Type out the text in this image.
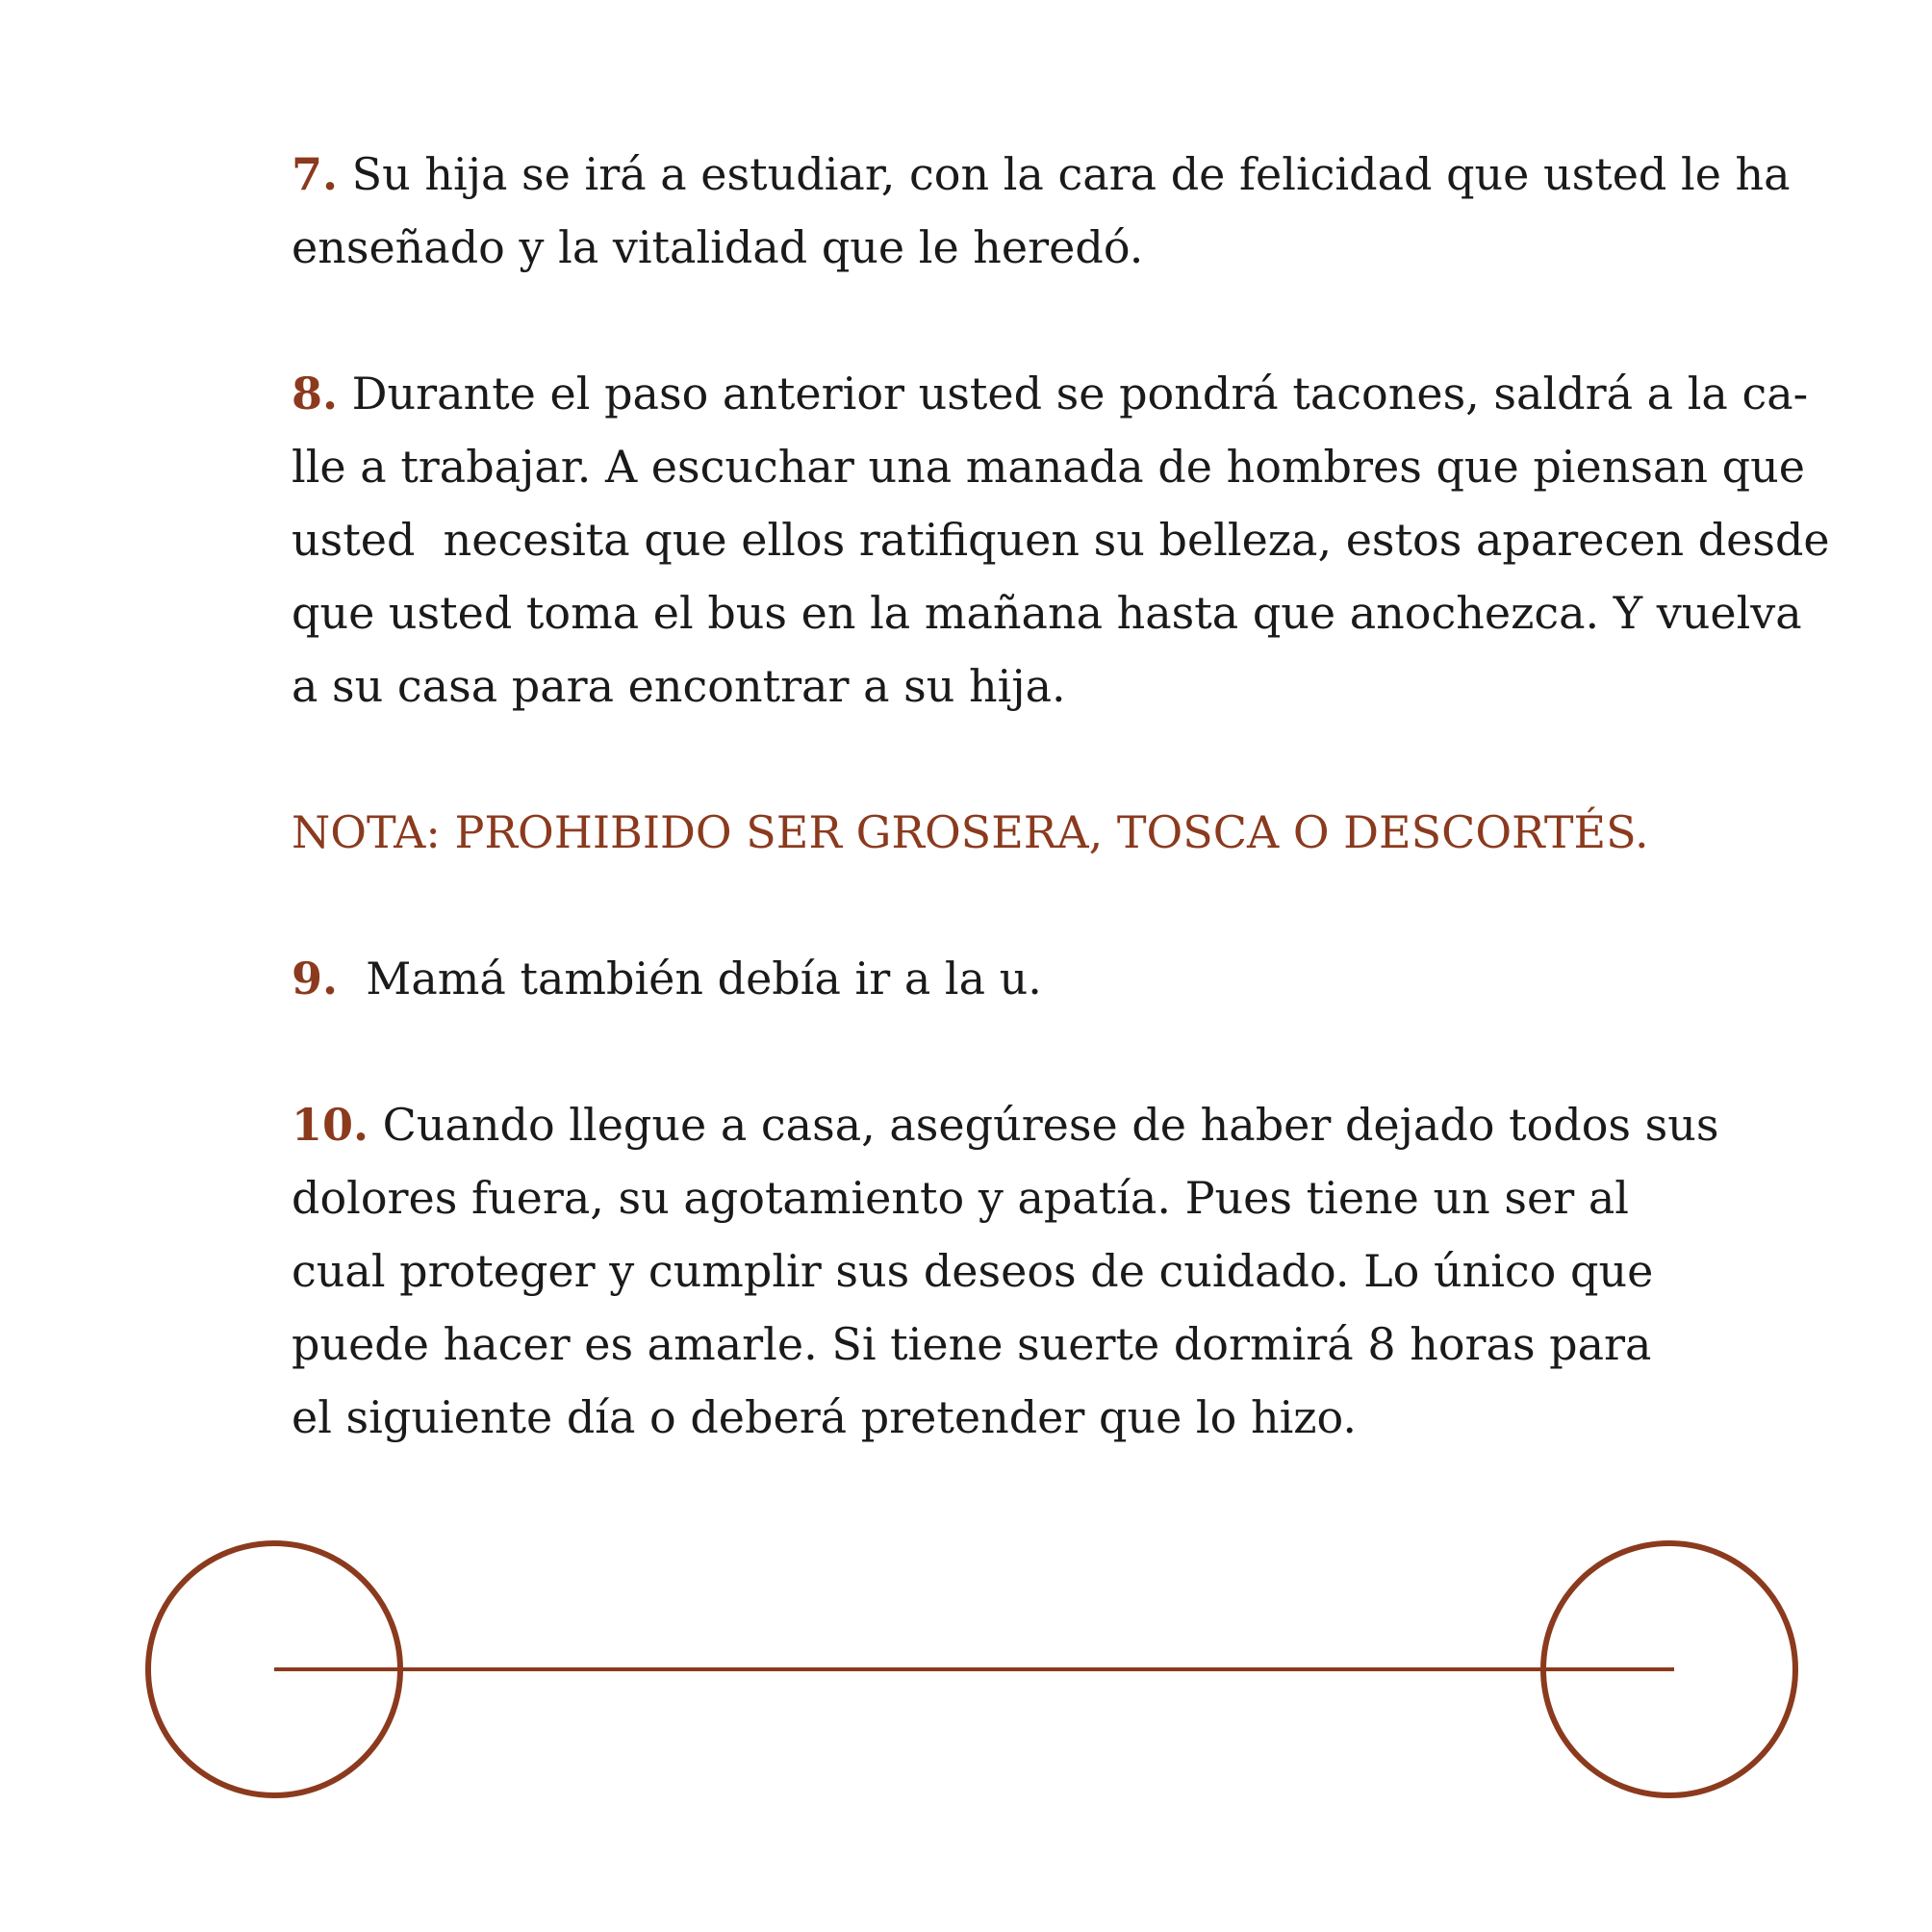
7. Su hija se irá a estudiar, con la cara de felicidad que usted le ha
enseñado y la vitalidad que le heredó.

8. Durante el paso anterior usted se pondrá tacones, saldrá a la ca-
lle a trabajar. A escuchar una manada de hombres que piensan que
usted  necesita que ellos ratifiquen su belleza, estos aparecen desde
que usted toma el bus en la mañana hasta que anochezca. Y vuelva
a su casa para encontrar a su hija.

NOTA: PROHIBIDO SER GROSERA, TOSCA O DESCORTÉS.

9.  Mamá también debía ir a la u.

10. Cuando llegue a casa, asegúrese de haber dejado todos sus
dolores fuera, su agotamiento y apatía. Pues tiene un ser al
cual proteger y cumplir sus deseos de cuidado. Lo único que
puede hacer es amarle. Si tiene suerte dormirá 8 horas para
el siguiente día o deberá pretender que lo hizo.
